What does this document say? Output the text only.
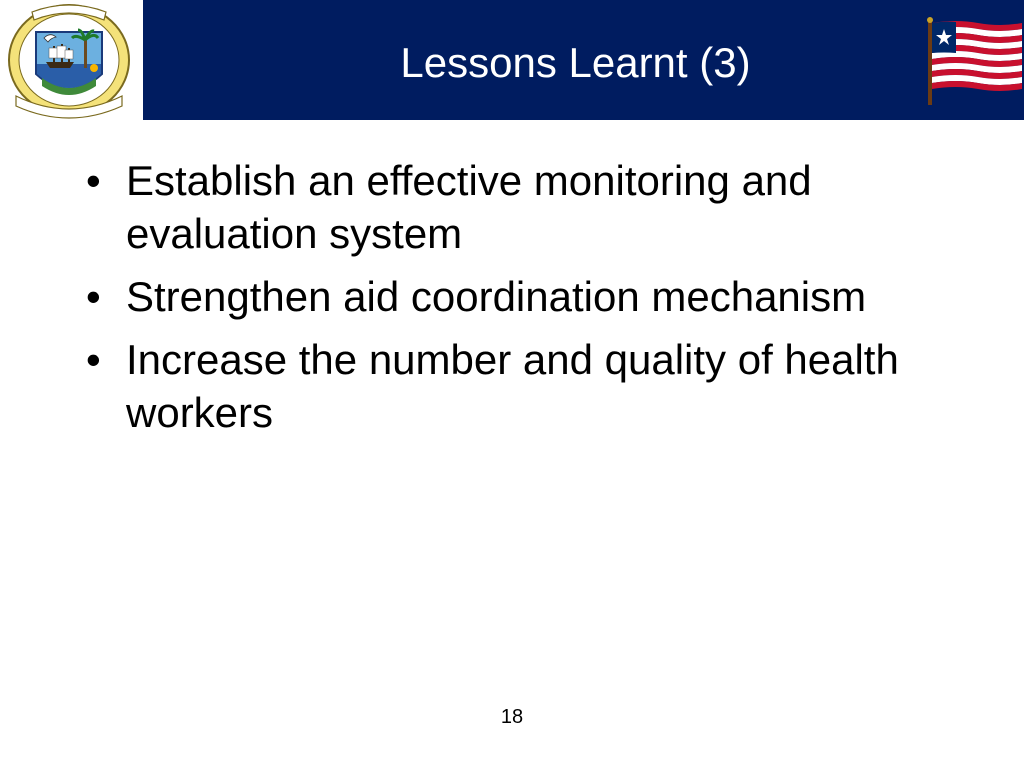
Lessons Learnt (3)
• Establish an effective monitoring and evaluation system
• Strengthen aid coordination mechanism
• Increase the number and quality of health workers
18
